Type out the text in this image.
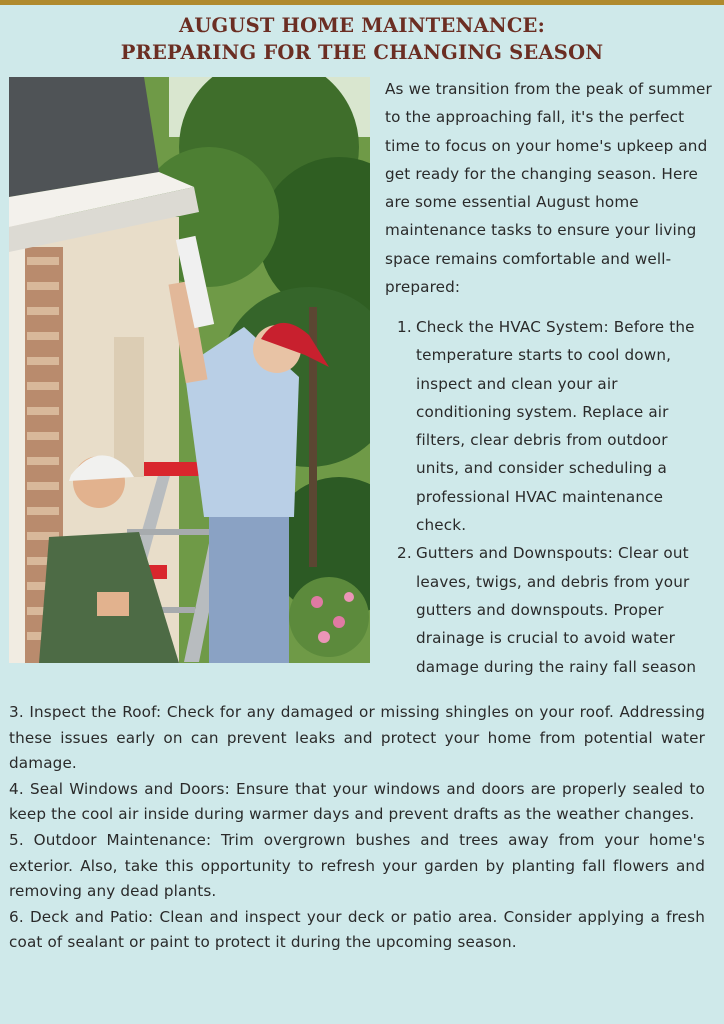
AUGUST HOME MAINTENANCE:
PREPARING FOR THE CHANGING SEASON
As we transition from the peak of summer to the approaching fall, it's the perfect time to focus on your home's upkeep and get ready for the changing season. Here are some essential August home maintenance tasks to ensure your living space remains comfortable and well-prepared:
1. Check the HVAC System: Before the temperature starts to cool down, inspect and clean your air conditioning system. Replace air filters, clear debris from outdoor units, and consider scheduling a professional HVAC maintenance check.
2. Gutters and Downspouts: Clear out leaves, twigs, and debris from your gutters and downspouts. Proper drainage is crucial to avoid water damage during the rainy fall season

3. Inspect the Roof: Check for any damaged or missing shingles on your roof. Addressing these issues early on can prevent leaks and protect your home from potential water damage.

4. Seal Windows and Doors: Ensure that your windows and doors are properly sealed to keep the cool air inside during warmer days and prevent drafts as the weather changes.

5. Outdoor Maintenance: Trim overgrown bushes and trees away from your home's exterior. Also, take this opportunity to refresh your garden by planting fall flowers and removing any dead plants.

6. Deck and Patio: Clean and inspect your deck or patio area. Consider applying a fresh coat of sealant or paint to protect it during the upcoming season.
